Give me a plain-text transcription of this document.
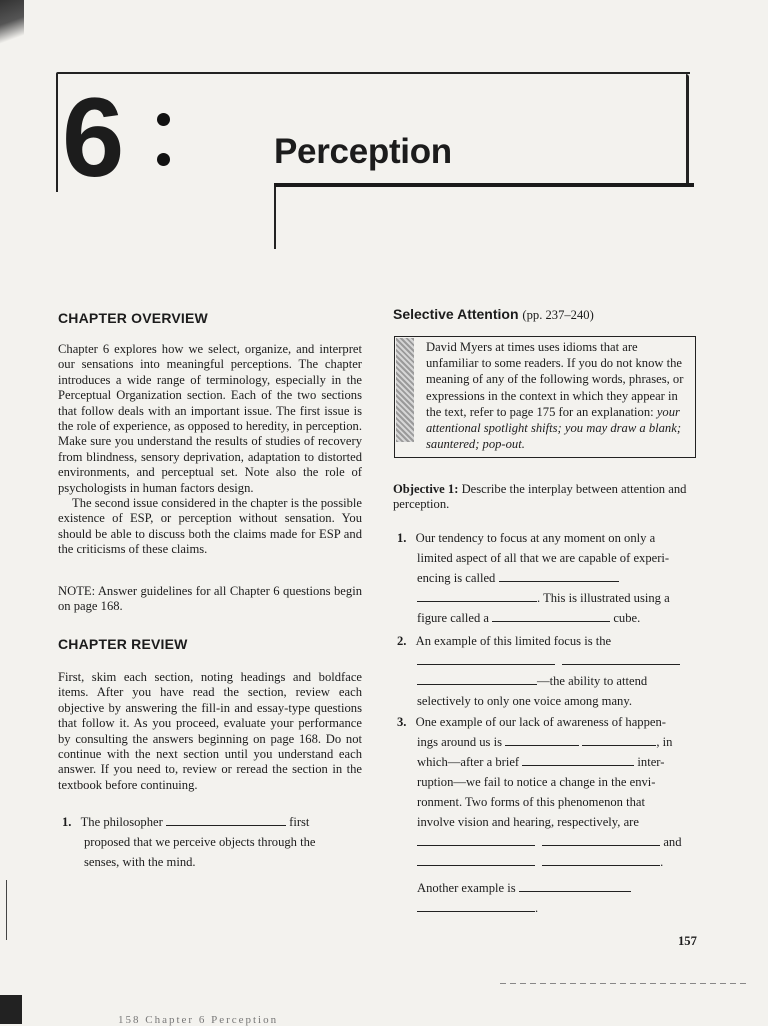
6	Perception
CHAPTER OVERVIEW

Chapter 6 explores how we select, organize, and interpret our sensations into meaningful perceptions. The chapter introduces a wide range of terminology, especially in the Perceptual Organization section. Each of the two sections that follow deals with an important issue. The first issue is the role of experience, as opposed to heredity, in perception. Make sure you understand the results of studies of recovery from blindness, sensory deprivation, adaptation to distorted environments, and perceptual set. Note also the role of psychologists in human factors design.

The second issue considered in the chapter is the possible existence of ESP, or perception without sensation. You should be able to discuss both the claims made for ESP and the criticisms of these claims.

NOTE: Answer guidelines for all Chapter 6 questions begin on page 168.
CHAPTER REVIEW
First, skim each section, noting headings and boldface items. After you have read the section, review each objective by answering the fill-in and essay-type questions that follow it. As you proceed, evaluate your performance by consulting the answers beginning on page 168. Do not continue with the next section until you understand each answer. If you need to, review or reread the section in the textbook before continuing.
1. The philosopher	first
proposed that we perceive objects through the
senses, with the mind.
Selective Attention (pp. 237–240)
David Myers at times uses idioms that are unfamiliar to some readers. If you do not know the meaning of any of the following words, phrases, or expressions in the context in which they appear in the text, refer to page 175 for an explanation: your attentional spotlight shifts; you may draw a blank; sauntered; pop-out.
Objective 1: Describe the interplay between attention and perception.
1. Our tendency to focus at any moment on only a
limited aspect of all that we are capable of experi-
encing is called
. This is illustrated using a
figure called a	cube.
2. An example of this limited focus is the

—the ability to attend
selectively to only one voice among many.
3. One example of our lack of awareness of happen-
ings around us is	, in
which—after a brief	inter-
ruption—we fail to notice a change in the envi-
ronment. Two forms of this phenomenon that
involve vision and hearing, respectively, are
and
.
Another example is
.
157
158 Chapter 6 Perception
